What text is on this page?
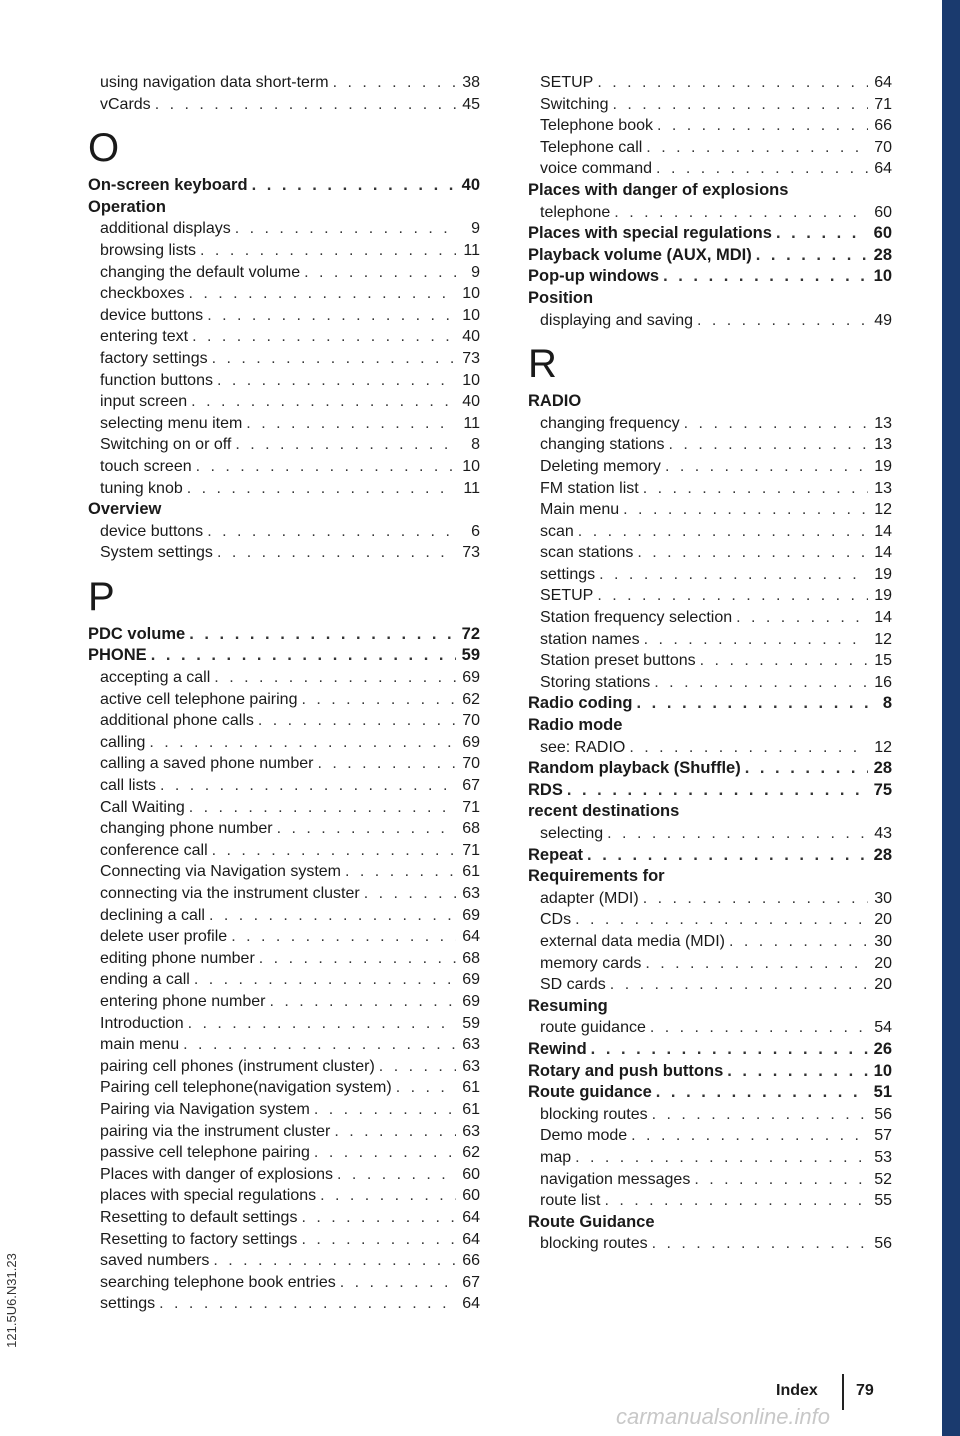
121.5U6.N31.23
using navigation data short-term . . .	38
vCards . . .	45
O
On-screen keyboard . . .	40
Operation
additional displays . . .	9
browsing lists . . .	11
changing the default volume . . .	9
checkboxes . . .	10
device buttons . . .	10
entering text . . .	40
factory settings . . .	73
function buttons . . .	10
input screen . . .	40
selecting menu item . . .	11
Switching on or off . . .	8
touch screen . . .	10
tuning knob . . .	11
Overview
device buttons . . .	6
System settings . . .	73
P
PDC volume . . .	72
PHONE . . .	59
accepting a call . . .	69
active cell telephone pairing . . .	62
additional phone calls . . .	70
calling . . .	69
calling a saved phone number . . .	70
call lists . . .	67
Call Waiting . . .	71
changing phone number . . .	68
conference call . . .	71
Connecting via Navigation system . . .	61
connecting via the instrument cluster . . .	63
declining a call . . .	69
delete user profile . . .	64
editing phone number . . .	68
ending a call . . .	69
entering phone number . . .	69
Introduction . . .	59
main menu . . .	63
pairing cell phones (instrument cluster) . . .	63
Pairing cell telephone(navigation system) . . .	61
Pairing via Navigation system . . .	61
pairing via the instrument cluster . . .	63
passive cell telephone pairing . . .	62
Places with danger of explosions . . .	60
places with special regulations . . .	60
Resetting to default settings . . .	64
Resetting to factory settings . . .	64
saved numbers . . .	66
searching telephone book entries . . .	67
settings . . .	64
SETUP . . .	64
Switching . . .	71
Telephone book . . .	66
Telephone call . . .	70
voice command . . .	64
Places with danger of explosions
telephone . . .	60
Places with special regulations . . .	60
Playback volume (AUX, MDI) . . .	28
Pop-up windows . . .	10
Position
displaying and saving . . .	49
R
RADIO
changing frequency . . .	13
changing stations . . .	13
Deleting memory . . .	19
FM station list . . .	13
Main menu . . .	12
scan . . .	14
scan stations . . .	14
settings . . .	19
SETUP . . .	19
Station frequency selection . . .	14
station names . . .	12
Station preset buttons . . .	15
Storing stations . . .	16
Radio coding . . .	8
Radio mode
see: RADIO . . .	12
Random playback (Shuffle) . . .	28
RDS . . .	75
recent destinations
selecting . . .	43
Repeat . . .	28
Requirements for
adapter (MDI) . . .	30
CDs . . .	20
external data media (MDI) . . .	30
memory cards . . .	20
SD cards . . .	20
Resuming
route guidance . . .	54
Rewind . . .	26
Rotary and push buttons . . .	10
Route guidance . . .	51
blocking routes . . .	56
Demo mode . . .	57
map . . .	53
navigation messages . . .	52
route list . . .	55
Route Guidance
blocking routes . . .	56
Index 79
carmanualsonline.info
